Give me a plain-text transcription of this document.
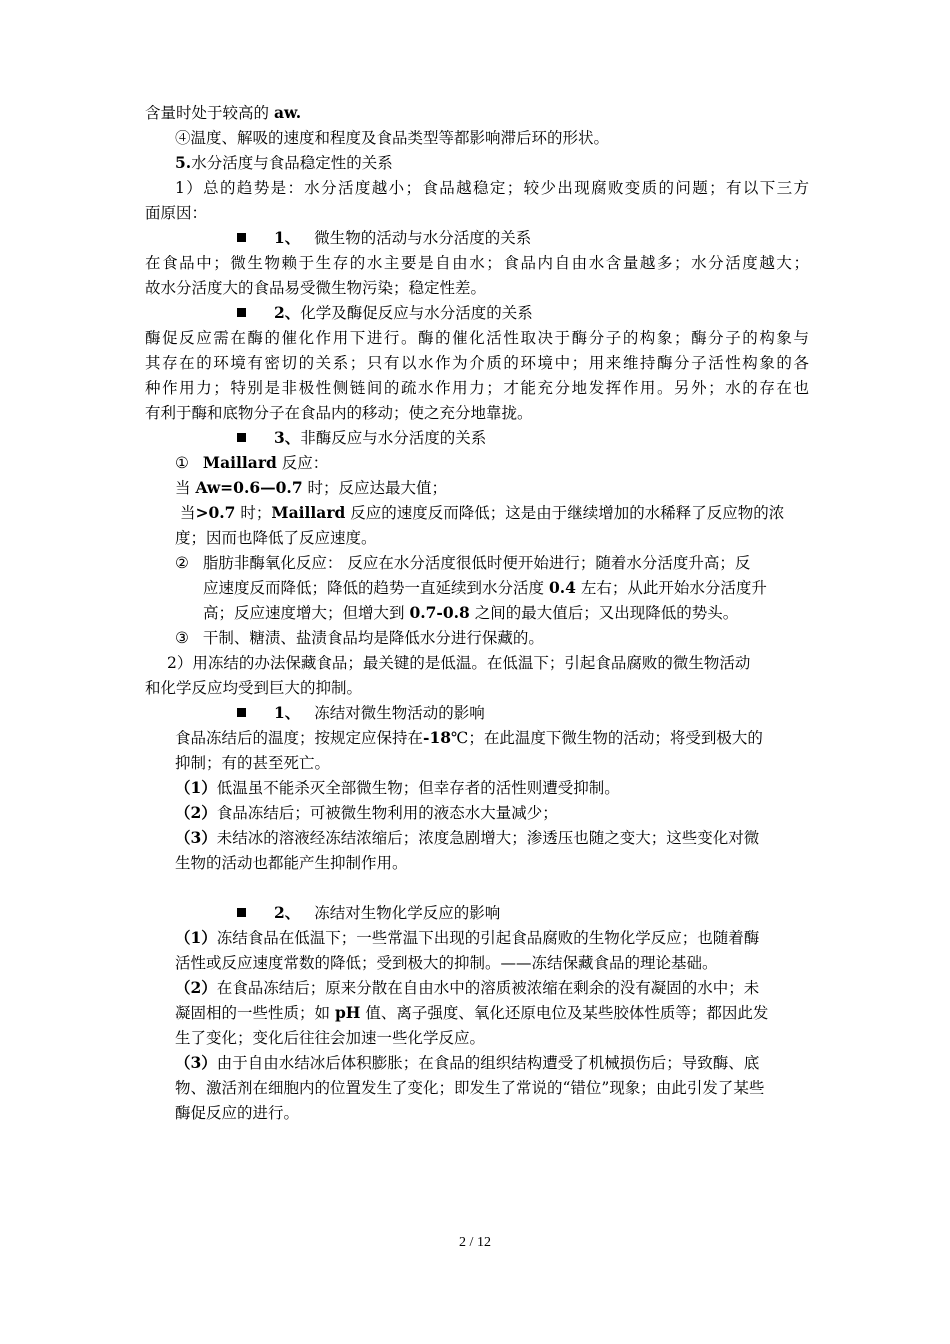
含量时处于较高的 aw.
④温度、解吸的速度和程度及食品类型等都影响滞后环的形状。
5.水分活度与食品稳定性的关系
1）总的趋势是：水分活度越小；食品越稳定；较少出现腐败变质的问题；有以下三方
面原因：
1、 微生物的活动与水分活度的关系
在食品中；微生物赖于生存的水主要是自由水；食品内自由水含量越多；水分活度越大；
故水分活度大的食品易受微生物污染；稳定性差。
2、化学及酶促反应与水分活度的关系
酶促反应需在酶的催化作用下进行。酶的催化活性取决于酶分子的构象；酶分子的构象与
其存在的环境有密切的关系；只有以水作为介质的环境中；用来维持酶分子活性构象的各
种作用力；特别是非极性侧链间的疏水作用力；才能充分地发挥作用。另外；水的存在也
有利于酶和底物分子在食品内的移动；使之充分地靠拢。
3、非酶反应与水分活度的关系
① Maillard 反应：
当 Aw=0.6—0.7 时；反应达最大值；
当>0.7 时；Maillard 反应的速度反而降低；这是由于继续增加的水稀释了反应物的浓
度；因而也降低了反应速度。
② 脂肪非酶氧化反应： 反应在水分活度很低时便开始进行；随着水分活度升高；反
应速度反而降低；降低的趋势一直延续到水分活度 0.4 左右；从此开始水分活度升
高；反应速度增大；但增大到 0.7-0.8 之间的最大值后；又出现降低的势头。
③ 干制、糖渍、盐渍食品均是降低水分进行保藏的。
2）用冻结的办法保藏食品；最关键的是低温。在低温下；引起食品腐败的微生物活动
和化学反应均受到巨大的抑制。
1、 冻结对微生物活动的影响
食品冻结后的温度；按规定应保持在-18℃；在此温度下微生物的活动；将受到极大的
抑制；有的甚至死亡。
（1）低温虽不能杀灭全部微生物；但幸存者的活性则遭受抑制。
（2）食品冻结后；可被微生物利用的液态水大量减少；
（3）未结冰的溶液经冻结浓缩后；浓度急剧增大；渗透压也随之变大；这些变化对微
生物的活动也都能产生抑制作用。
2、 冻结对生物化学反应的影响
（1）冻结食品在低温下；一些常温下出现的引起食品腐败的生物化学反应；也随着酶
活性或反应速度常数的降低；受到极大的抑制。——冻结保藏食品的理论基础。
（2）在食品冻结后；原来分散在自由水中的溶质被浓缩在剩余的没有凝固的水中；未
凝固相的一些性质；如 pH 值、离子强度、氧化还原电位及某些胶体性质等；都因此发
生了变化；变化后往往会加速一些化学反应。
（3）由于自由水结冰后体积膨胀；在食品的组织结构遭受了机械损伤后；导致酶、底
物、激活剂在细胞内的位置发生了变化；即发生了常说的“错位”现象；由此引发了某些
酶促反应的进行。
2 / 12
